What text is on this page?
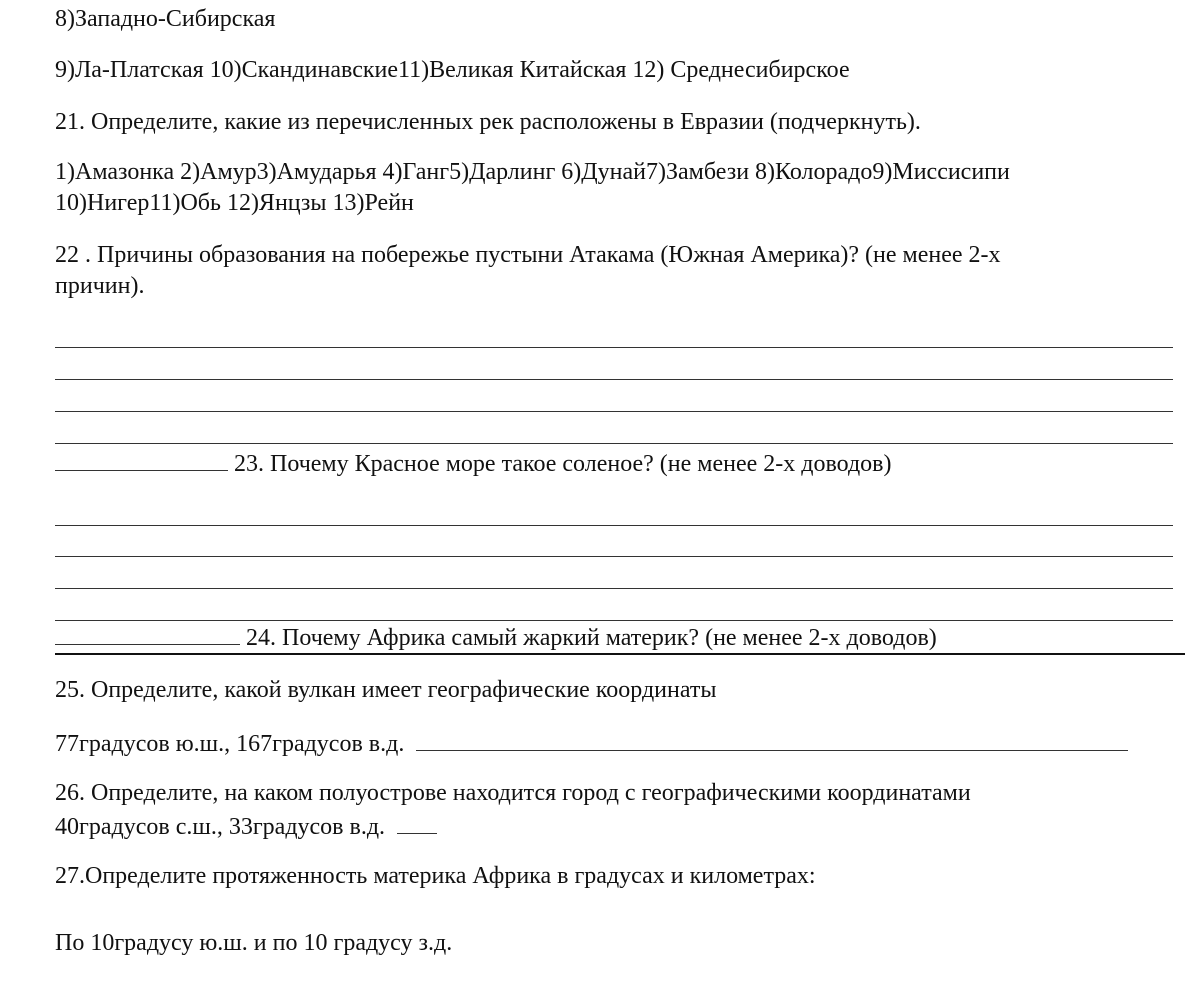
8)Западно-Сибирская
9)Ла-Платская 10)Скандинавские11)Великая Китайская 12) Среднесибирское
21. Определите, какие из перечисленных рек расположены в Евразии (подчеркнуть).
1)Амазонка 2)Амур3)Амударья 4)Ганг5)Дарлинг 6)Дунай7)Замбези 8)Колорадо9)Миссисипи
10)Нигер11)Обь 12)Янцзы 13)Рейн
22 . Причины образования на побережье пустыни Атакама (Южная Америка)? (не менее 2-х
причин).
23. Почему Красное море такое соленое? (не менее 2-х доводов)
24. Почему Африка самый жаркий материк? (не менее 2-х доводов)
25. Определите, какой вулкан имеет географические координаты
77градусов ю.ш., 167градусов в.д.
26. Определите, на каком полуострове находится город с географическими координатами
40градусов с.ш., 33градусов в.д.
27.Определите протяженность материка Африка в градусах и километрах:
По 10градусу ю.ш. и по 10 градусу з.д.
